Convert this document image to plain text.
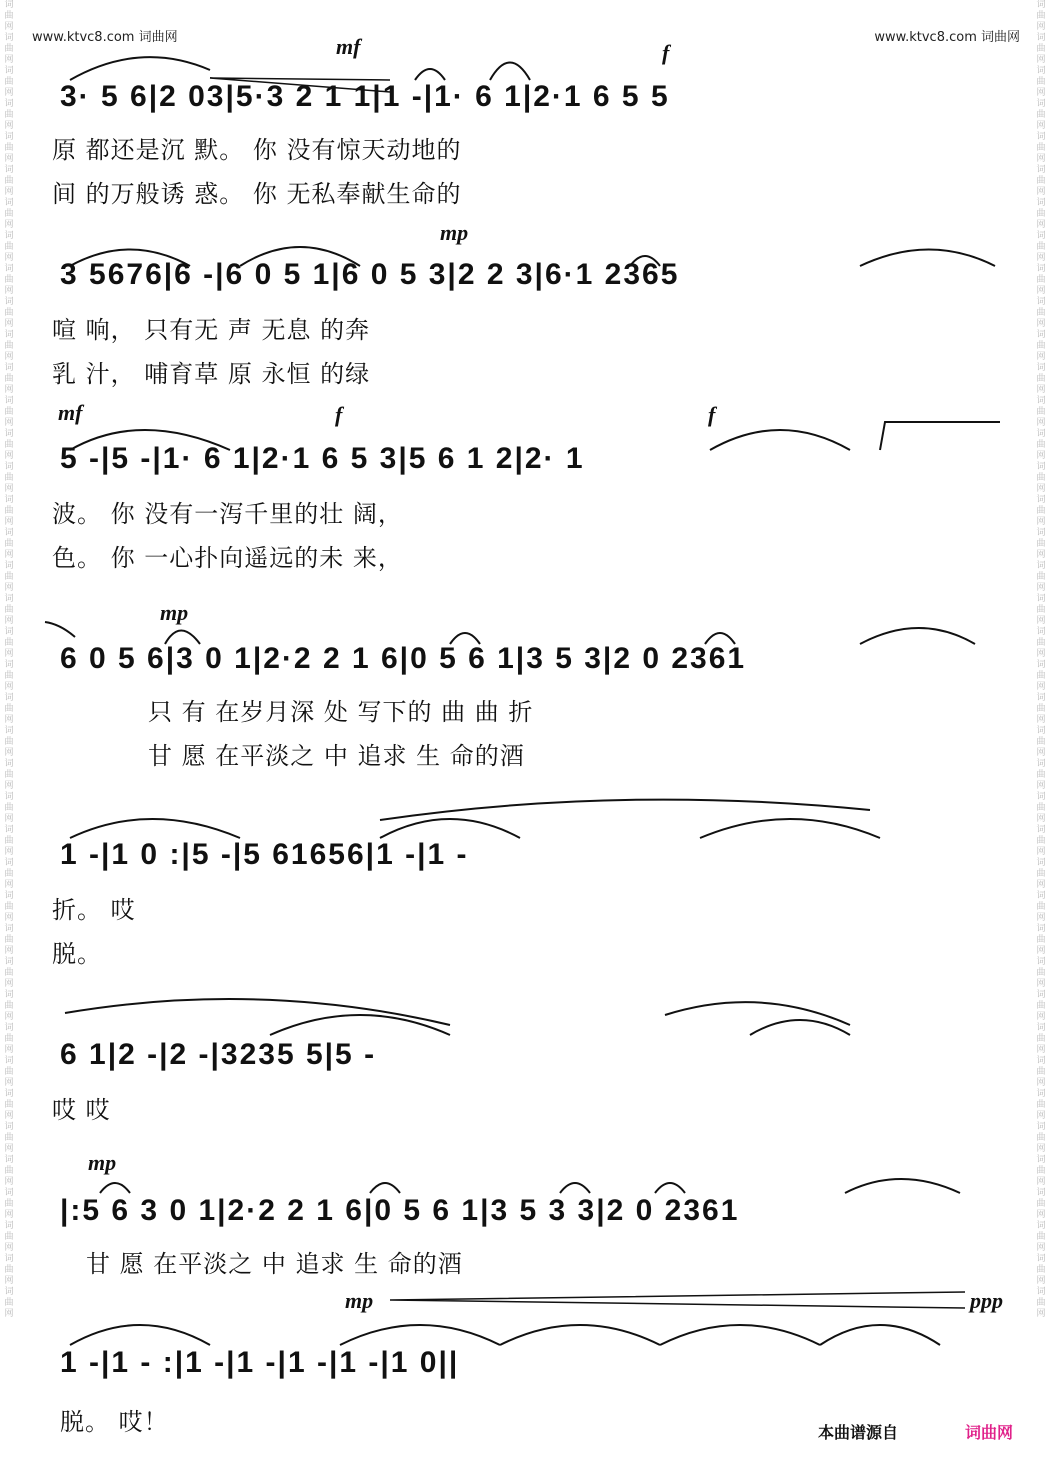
词曲网词曲网词曲网词曲网词曲网词曲网词曲网词曲网词曲网词曲网词曲网词曲网词曲网词曲网词曲网词曲网词曲网词曲网词曲网词曲网词曲网词曲网词曲网词曲网词曲网词曲网词曲网词曲网词曲网词曲网词曲网词曲网词曲网词曲网词曲网词曲网词曲网词曲网词曲网词曲网
词曲网词曲网词曲网词曲网词曲网词曲网词曲网词曲网词曲网词曲网词曲网词曲网词曲网词曲网词曲网词曲网词曲网词曲网词曲网词曲网词曲网词曲网词曲网词曲网词曲网词曲网词曲网词曲网词曲网词曲网词曲网词曲网词曲网词曲网词曲网词曲网词曲网词曲网词曲网词曲网
www.ktvc8.com 词曲网	www.ktvc8.com 词曲网
mf	f
3· 5 6|2 03|5·3 2 1 1|1 -|1· 6 1|2·1 6 5 5
原 都还是沉 默。 你 没有惊天动地的
间 的万般诱 惑。 你 无私奉献生命的
mp
3 5676|6 -|6 0 5 1|6 0 5 3|2 2 3|6·1 2365
喧 响， 只有无 声 无息 的奔
乳 汁， 哺育草 原 永恒 的绿
mf	f	f
5 -|5 -|1· 6 1|2·1 6 5 3|5 6 1 2|2· 1
波。 你 没有一泻千里的壮 阔，
色。 你 一心扑向遥远的未 来，
mp
6 0 5 6|3 0 1|2·2 2 1 6|0 5 6 1|3 5 3|2 0 2361
只 有 在岁月深 处 写下的 曲 曲 折
甘 愿 在平淡之 中 追求 生 命的酒
1 -|1 0 :|5 -|5 61656|1 -|1 -
折。 哎
脱。
6 1|2 -|2 -|3235 5|5 -
哎 哎
mp
|:5 6 3 0 1|2·2 2 1 6|0 5 6 1|3 5 3 3|2 0 2361
甘 愿 在平淡之 中 追求 生 命的酒
mp	ppp
1 -|1 - :|1 -|1 -|1 -|1 -|1 0||
脱。 哎！	本曲谱源自	词曲网
